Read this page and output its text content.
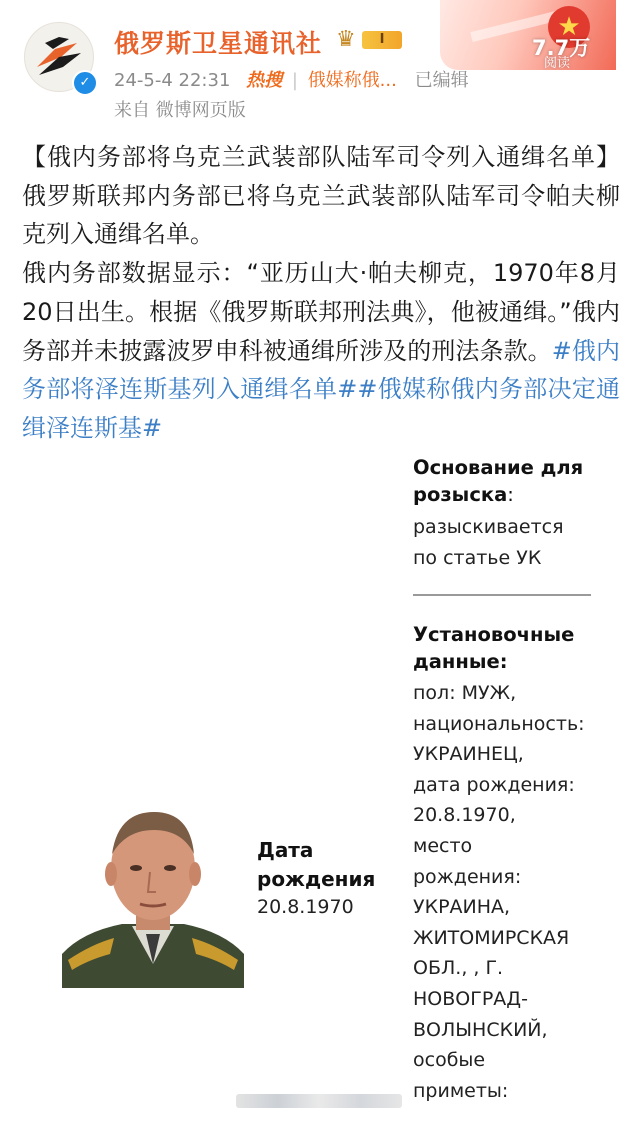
✓
俄罗斯卫星通讯社 ♛	I
24-5-4 22:31 热搜 | 俄媒称俄... 已编辑
来自 微博网页版
★
7.7万
阅读

【俄内务部将乌克兰武装部队陆军司令列入通缉名单】俄罗斯联邦内务部已将乌克兰武装部队陆军司令帕夫柳克列入通缉名单。

俄内务部数据显示：“亚历山大·帕夫柳克，1970年8月20日出生。根据《俄罗斯联邦刑法典》，他被通缉。”俄内务部并未披露波罗申科被通缉所涉及的刑法条款。#俄内务部将泽连斯基列入通缉名单##俄媒称俄内务部决定通缉泽连斯基#

Основание для розыска:
разыскивается по статье УК
Установочные данные:
пол: МУЖ,
национальность:
УКРАИНЕЦ,
дата рождения:
20.8.1970,
место
рождения:
УКРАИНА,
ЖИТОМИРСКАЯ
ОБЛ., , Г.
НОВОГРАД-
ВОЛЫНСКИЙ,
особые
приметы:
Дата рождения
20.8.1970
